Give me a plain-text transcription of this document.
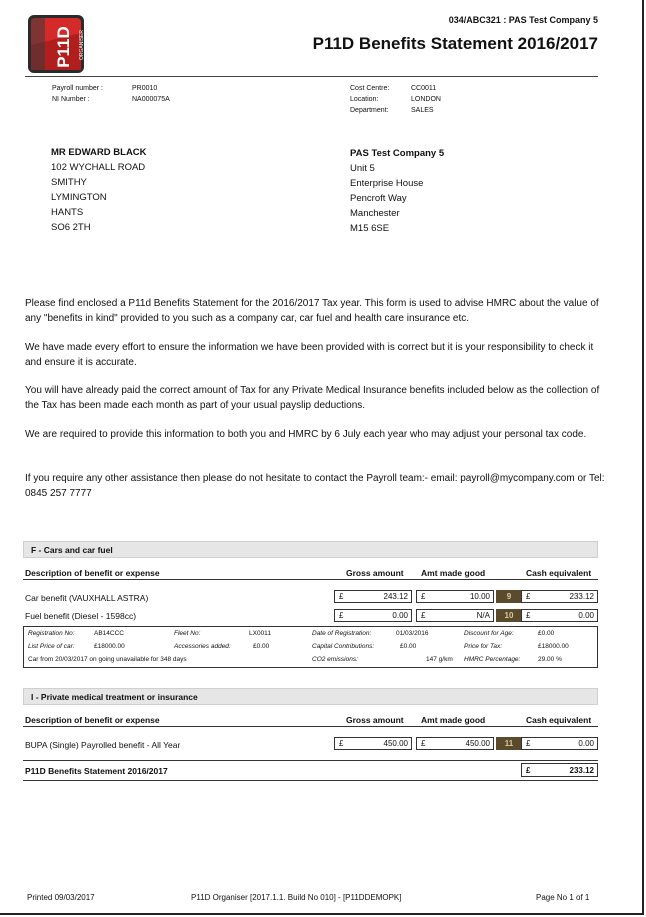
P11D ORGANISER
034/ABC321 : PAS Test Company 5
P11D Benefits Statement 2016/2017
Payroll number :	PR0010
NI Number :	NA000075A
Cost Centre:	CC0011
Location:	LONDON
Department:	SALES
MR EDWARD BLACK
102 WYCHALL ROAD
SMITHY
LYMINGTON
HANTS
SO6 2TH
PAS Test Company 5
Unit 5
Enterprise House
Pencroft Way
Manchester
M15 6SE
Please find enclosed a P11d Benefits Statement for the 2016/2017 Tax year. This form is used to advise HMRC about the value of any "benefits in kind" provided to you such as a company car, car fuel and health care insurance etc.
We have made every effort to ensure the information we have been provided with is correct but it is your responsibility to check it and ensure it is accurate.
You will have already paid the correct amount of Tax for any Private Medical Insurance benefits included below as the collection of the Tax has been made each month as part of your usual payslip deductions.
We are required to provide this information to both you and HMRC by 6 July each year who may adjust your personal tax code.
If you require any other assistance then please do not hesitate to contact the Payroll team:- email: payroll@mycompany.com or Tel: 0845 257 7777
F - Cars and car fuel
Description of benefit or expense	Gross amount Amt made good	Cash equivalent
Car benefit (VAUXHALL ASTRA)	£	243.12 £	10.00	9	£	233.12
Fuel benefit (Diesel - 1598cc)	£	0.00 £	N/A	10	£	0.00
Registration No:	AB14CCC	Fleet No:	LX0011	Date of Registration:	01/03/2016	Discount for Age:	£0.00
List Price of car:	£18000.00	Accessories added:	£0.00	Capital Contributions:	£0.00	Price for Tax:	£18000.00
Car from 20/03/2017 on going unavailable for 348 days	CO2 emissions:	147 g/km HMRC Percentage:	29.00 %
I - Private medical treatment or insurance
Description of benefit or expense	Gross amount Amt made good	Cash equivalent
BUPA (Single) Payrolled benefit - All Year	£	450.00 £	450.00	11	£	0.00
P11D Benefits Statement 2016/2017	£	233.12
Printed 09/03/2017	P11D Organiser [2017.1.1. Build No 010] - [P11DDEMOPK]	Page No 1 of 1
